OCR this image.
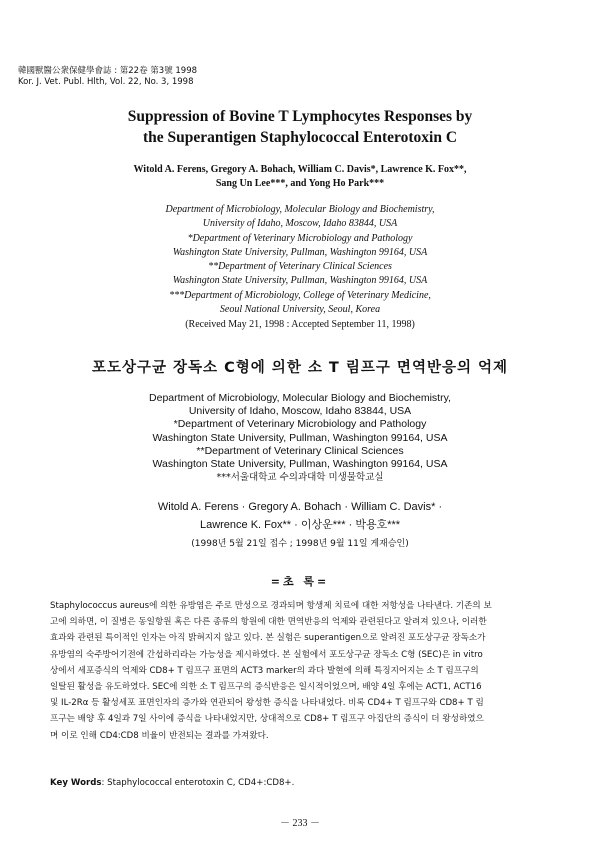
韓國獸醫公衆保健學會誌 : 第22卷 第3號 1998
Kor. J. Vet. Publ. Hlth, Vol. 22, No. 3, 1998
Suppression of Bovine T Lymphocytes Responses by
the Superantigen Staphylococcal Enterotoxin C
Witold A. Ferens, Gregory A. Bohach, William C. Davis*, Lawrence K. Fox**,
Sang Un Lee***, and Yong Ho Park***
Department of Microbiology, Molecular Biology and Biochemistry,
University of Idaho, Moscow, Idaho 83844, USA
*Department of Veterinary Microbiology and Pathology
Washington State University, Pullman, Washington 99164, USA
**Department of Veterinary Clinical Sciences
Washington State University, Pullman, Washington 99164, USA
***Department of Microbiology, College of Veterinary Medicine,
Seoul National University, Seoul, Korea
(Received May 21, 1998 : Accepted September 11, 1998)
포도상구균 장독소 C형에 의한 소 T 림프구 면역반응의 억제
Department of Microbiology, Molecular Biology and Biochemistry,
University of Idaho, Moscow, Idaho 83844, USA
*Department of Veterinary Microbiology and Pathology
Washington State University, Pullman, Washington 99164, USA
**Department of Veterinary Clinical Sciences
Washington State University, Pullman, Washington 99164, USA
***서울대학교 수의과대학 미생물학교실
Witold A. Ferens · Gregory A. Bohach · William C. Davis* ·
Lawrence K. Fox** · 이상운*** · 박용호***
(1998년 5월 21일 접수 ; 1998년 9월 11일 게재승인)
=초 록=
Staphylococcus aureus에 의한 유방염은 주로 만성으로 경과되며 항생제 치료에 대한 저항성을 나타낸다. 기존의 보
고에 의하면, 이 질병은 동일항원 혹은 다른 종류의 항원에 대한 면역반응의 억제와 관련된다고 알려져 있으나, 이러한
효과와 관련된 특이적인 인자는 아직 밝혀지지 않고 있다. 본 실험은 superantigen으로 알려진 포도상구균 장독소가
유방염의 숙주방어기전에 간섭하리라는 가능성을 제시하였다. 본 실험에서 포도상구균 장독소 C형 (SEC)은 in vitro
상에서 세포증식의 억제와 CD8+ T 림프구 표면의 ACT3 marker의 과다 발현에 의해 특징지어지는 소 T 림프구의
일탈된 활성을 유도하였다. SEC에 의한 소 T 림프구의 증식반응은 일시적이었으며, 배양 4일 후에는 ACT1, ACT16
및 IL-2Rα 등 활성세포 표면인자의 증가와 연관되어 왕성한 증식을 나타내었다. 비록 CD4+ T 림프구와 CD8+ T 림
프구는 배양 후 4일과 7일 사이에 증식을 나타내었지만, 상대적으로 CD8+ T 림프구 아집단의 증식이 더 왕성하였으
며 이로 인해 CD4:CD8 비율이 반전되는 결과를 가져왔다.
Key Words: Staphylococcal enterotoxin C, CD4+:CD8+.
－ 233 －
